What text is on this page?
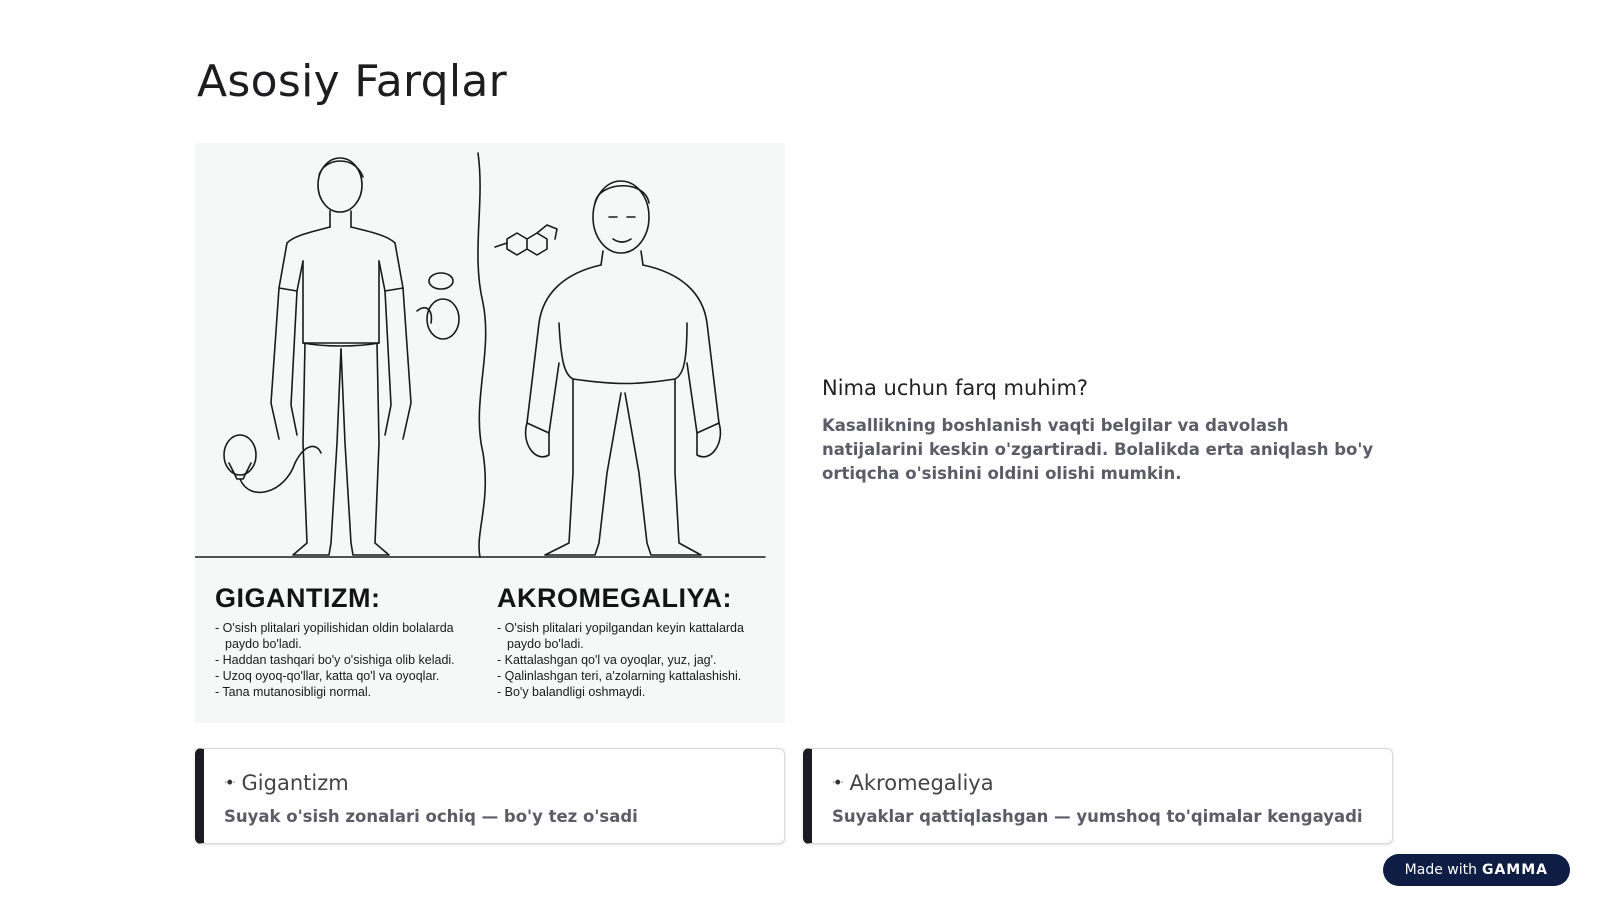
Asosiy Farqlar
GIGANTIZM:
- O'sish plitalari yopilishidan oldin bolalarda paydo bo'ladi.
- Haddan tashqari bo'y o'sishiga olib keladi.
- Uzoq oyoq-qo'llar, katta qo'l va oyoqlar.
- Tana mutanosibligi normal.
AKROMEGALIYA:
- O'sish plitalari yopilgandan keyin kattalarda paydo bo'ladi.
- Kattalashgan qo'l va oyoqlar, yuz, jag'.
- Qalinlashgan teri, a'zolarning kattalashishi.
- Bo'y balandligi oshmaydi.
Nima uchun farq muhim?

Kasallikning boshlanish vaqti belgilar va davolash natijalarini keskin o'zgartiradi. Bolalikda erta aniqlash bo'y ortiqcha o'sishini oldini olishi mumkin.

ꔹ Gigantizm
Suyak o'sish zonalari ochiq — bo'y tez o'sadi
ꔹ Akromegaliya
Suyaklar qattiqlashgan — yumshoq to'qimalar kengayadi
Made with GAMMA
